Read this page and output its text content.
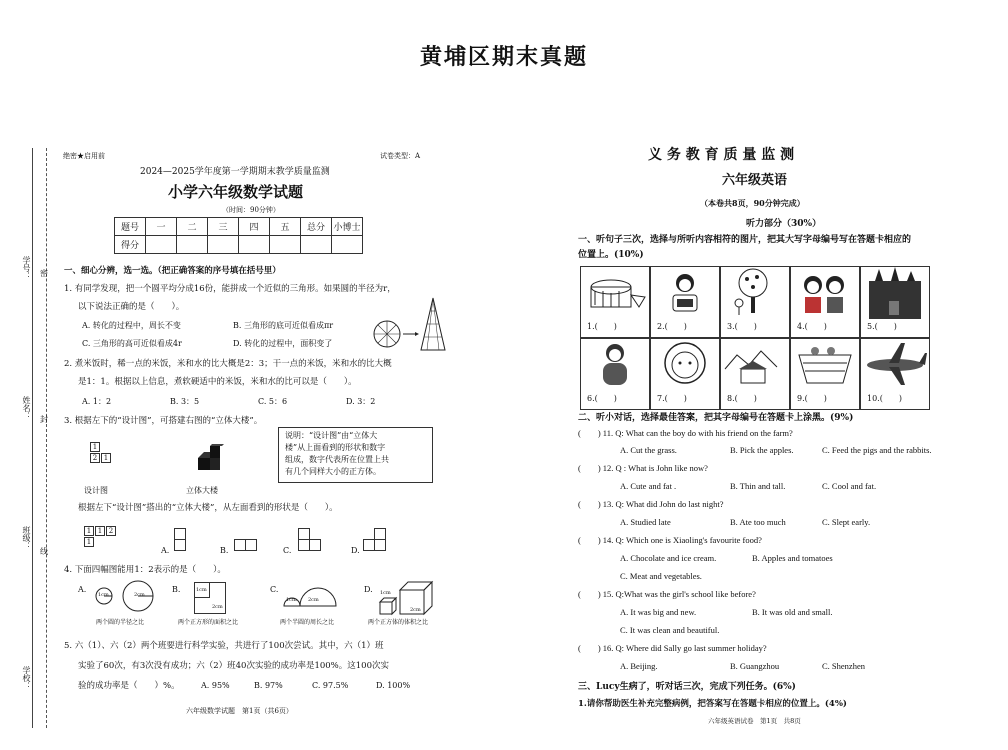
黄埔区期末真题
学号： 密
姓名： 封
班级：
线
学校：
绝密★启用前	试卷类型：A
2024—2025学年度第一学期期末教学质量监测
小学六年级数学试题
（时间：90分钟）
题号	一	二	三	四	五	总分	小博士
得分							
一、细心分辨，选一选。（把正确答案的序号填在括号里）
1. 有同学发现，把一个圆平均分成16份，能拼成一个近似的三角形。如果圆的半径为r，
以下说法正确的是（　　）。
A. 转化的过程中，周长不变	B. 三角形的底可近似看成πr
C. 三角形的高可近似看成4r	D. 转化的过程中，面积变了
2. 煮米饭时，稀一点的米饭，米和水的比大概是2：3；干一点的米饭，米和水的比大概
是1：1。根据以上信息，煮软硬适中的米饭，米和水的比可以是（　　）。
A. 1：2	B. 3：5	C. 5：6	D. 3：2
3. 根据左下的“设计图”，可搭建右图的“立体大楼”。
1
2 1
设计图	立体大楼
说明：“设计图”由“立体大
楼”从上面看到的形状和数字
组成，数字代表所在位置上共
有几个同样大小的正方体。
根据左下“设计图”搭出的“立体大楼”，从左面看到的形状是（　　）。
1 1 2
1
A.	B.	C.	D.
4. 下面四幅图能用1：2表示的是（　　）。
A.
1cm	2cm
两个圆的半径之比
B.	1cm
2cm
两个正方形的面积之比
C.
1cm 2cm
两个半圆的周长之比
D. 1cm
2cm
两个正方体的体积之比
5. 六（1）、六（2）两个班要进行科学实验，共进行了100次尝试。其中，六（1）班
实验了60次，有3次没有成功；六（2）班40次实验的成功率是100%。这100次实
验的成功率是（　　）%。	A. 95%	B. 97%	C. 97.5%	D. 100%
六年级数学试题　第1页（共6页）
义 务 教 育 质 量 监 测
六年级英语
（本卷共8页，90分钟完成）
听力部分（30%）
一、听句子三次，选择与所听内容相符的图片，把其大写字母编号写在答题卡相应的
位置上。(10%)
1.(　　)	2.(　　)	3.(　　)	4.(　　)	5.(　　)
6.(　　)	7.(　　)	8.(　　)	9.(　　)	10.(　　)
二、听小对话，选择最佳答案，把其字母编号在答题卡上涂黑。(9%)
(　　) 11. Q: What can the boy do with his friend on the farm?
A. Cut the grass.	B. Pick the apples.	C. Feed the pigs and the rabbits.
(　　) 12. Q : What is John like now?
A. Cute and fat .	B. Thin and tall.	C. Cool and fat.
(　　) 13. Q: What did John do last night?
A. Studied late	B. Ate too much	C. Slept early.
(　　) 14. Q: Which one is Xiaoling's favourite food?
A. Chocolate and ice cream.	B. Apples and tomatoes
C. Meat and vegetables.
(　　) 15. Q:What was the girl's school like before?
A. It was big and new.	B. It was old and small.
C. It was clean and beautiful.
(　　) 16. Q: Where did Sally go last summer holiday?
A. Beijing.	B. Guangzhou	C. Shenzhen
三、Lucy生病了，听对话三次，完成下列任务。(6%)
1.请你帮助医生补充完整病例，把答案写在答题卡相应的位置上。(4%)
六年级英语试卷　第1页　共8页
